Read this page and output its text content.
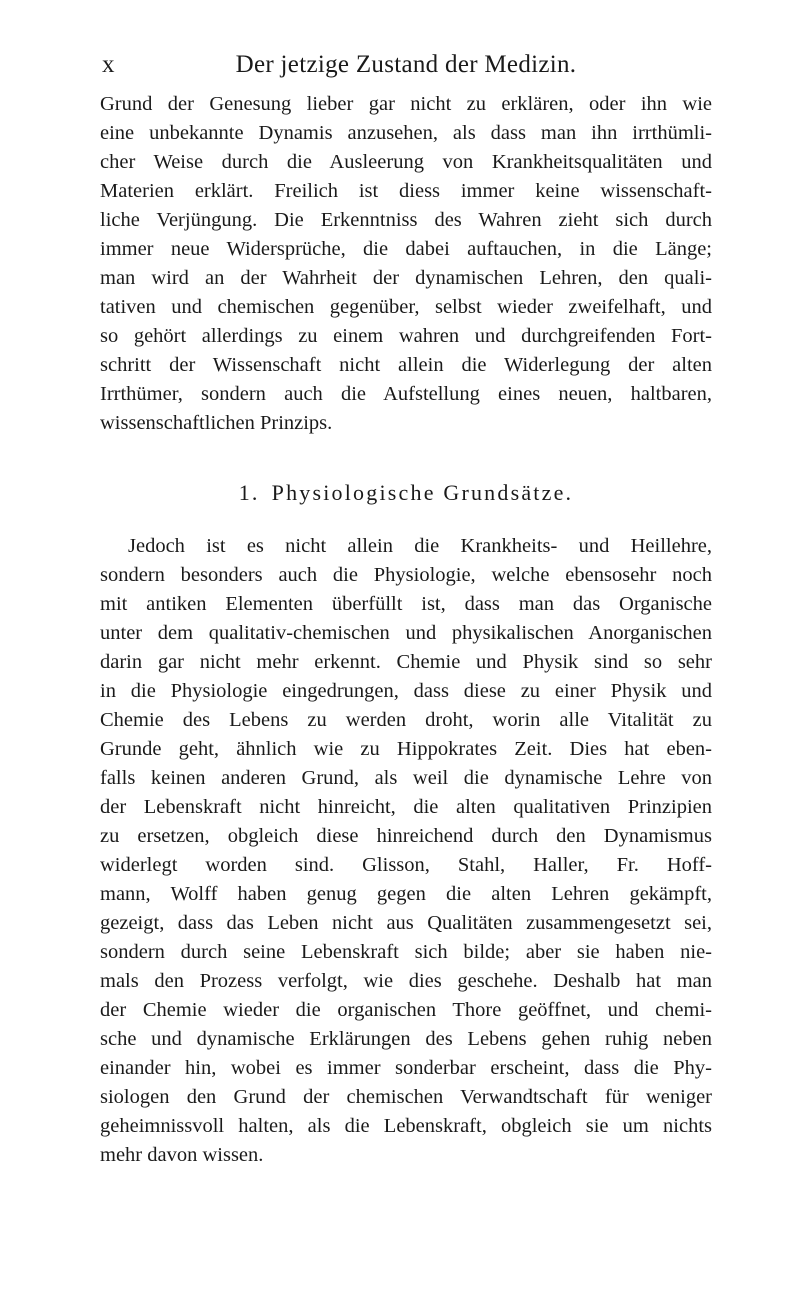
x	Der jetzige Zustand der Medizin.
Grund der Genesung lieber gar nicht zu erklären, oder ihn wie
eine unbekannte Dynamis anzusehen, als dass man ihn irrthümli-
cher Weise durch die Ausleerung von Krankheitsqualitäten und
Materien erklärt. Freilich ist diess immer keine wissenschaft-
liche Verjüngung. Die Erkenntniss des Wahren zieht sich durch
immer neue Widersprüche, die dabei auftauchen, in die Länge;
man wird an der Wahrheit der dynamischen Lehren, den quali-
tativen und chemischen gegenüber, selbst wieder zweifelhaft, und
so gehört allerdings zu einem wahren und durchgreifenden Fort-
schritt der Wissenschaft nicht allein die Widerlegung der alten
Irrthümer, sondern auch die Aufstellung eines neuen, haltbaren,
wissenschaftlichen Prinzips.
1. Physiologische Grundsätze.
Jedoch ist es nicht allein die Krankheits- und Heillehre,
sondern besonders auch die Physiologie, welche ebensosehr noch
mit antiken Elementen überfüllt ist, dass man das Organische
unter dem qualitativ-chemischen und physikalischen Anorganischen
darin gar nicht mehr erkennt. Chemie und Physik sind so sehr
in die Physiologie eingedrungen, dass diese zu einer Physik und
Chemie des Lebens zu werden droht, worin alle Vitalität zu
Grunde geht, ähnlich wie zu Hippokrates Zeit. Dies hat eben-
falls keinen anderen Grund, als weil die dynamische Lehre von
der Lebenskraft nicht hinreicht, die alten qualitativen Prinzipien
zu ersetzen, obgleich diese hinreichend durch den Dynamismus
widerlegt worden sind. Glisson, Stahl, Haller, Fr. Hoff-
mann, Wolff haben genug gegen die alten Lehren gekämpft,
gezeigt, dass das Leben nicht aus Qualitäten zusammengesetzt sei,
sondern durch seine Lebenskraft sich bilde; aber sie haben nie-
mals den Prozess verfolgt, wie dies geschehe. Deshalb hat man
der Chemie wieder die organischen Thore geöffnet, und chemi-
sche und dynamische Erklärungen des Lebens gehen ruhig neben
einander hin, wobei es immer sonderbar erscheint, dass die Phy-
siologen den Grund der chemischen Verwandtschaft für weniger
geheimnissvoll halten, als die Lebenskraft, obgleich sie um nichts
mehr davon wissen.
